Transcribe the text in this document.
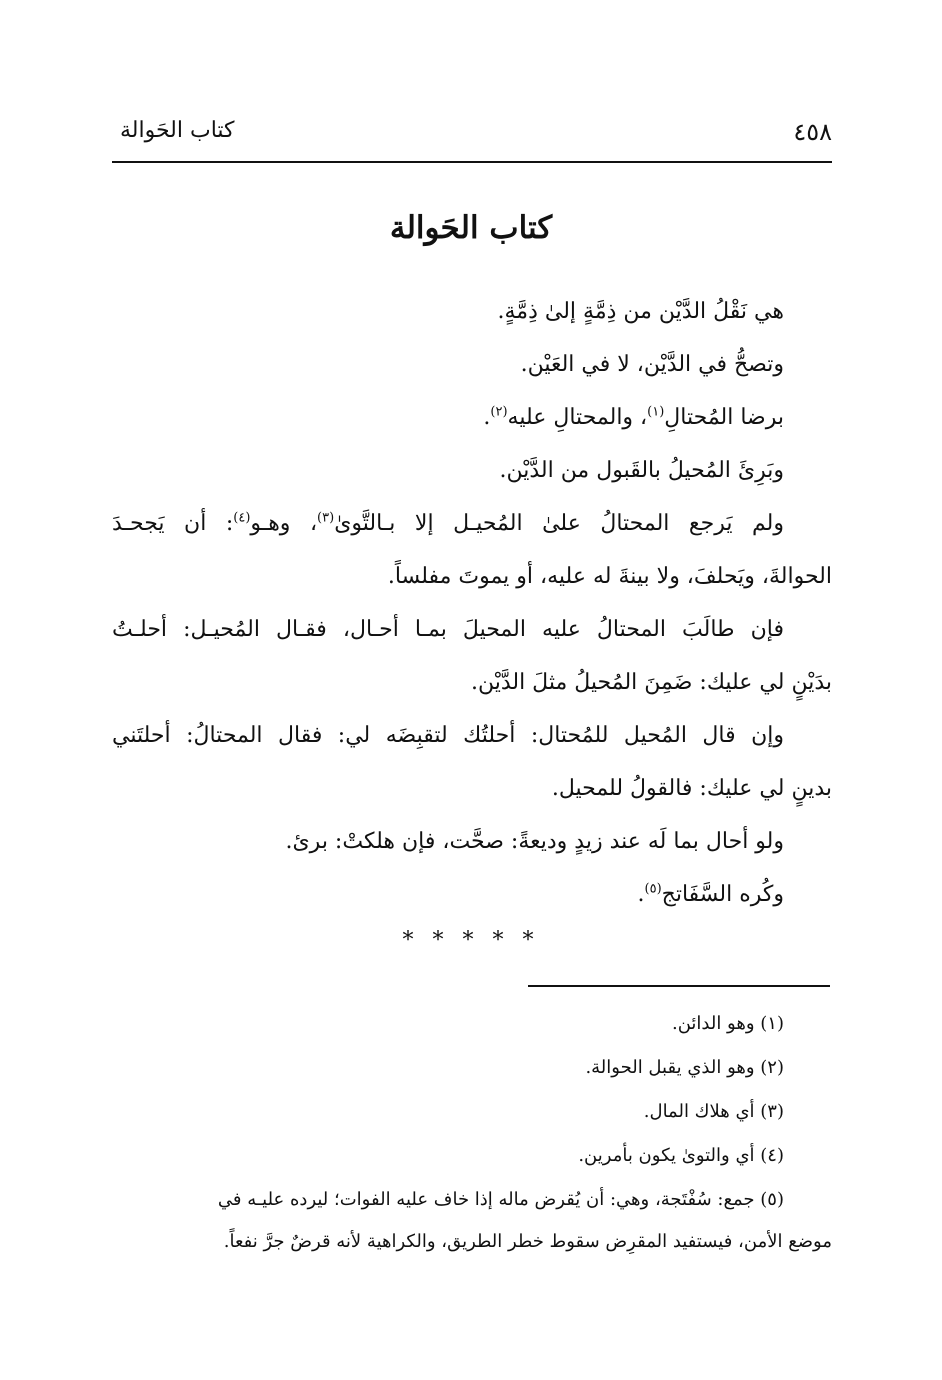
٤٥٨
كتاب الحَوالة
كتاب الحَوالة
هي نَقْلُ الدَّيْن من ذِمَّةٍ إلىٰ ذِمَّةٍ.
وتصحُّ في الدَّيْن، لا في العَيْن.
برضا المُحتالِ$^{(١)}$، والمحتالِ عليه$^{(٢)}$.
وبَرِئَ المُحيلُ بالقَبول من الدَّيْن.
ولم يَرجع المحتالُ علىٰ المُحيـل إلا بـالتَّوىٰ$^{(٣)}$، وهـو$^{(٤)}$: أن يَجحـدَ
الحوالةَ، ويَحلفَ، ولا بينةَ له عليه، أو يموتَ مفلساً.
فإن طالَبَ المحتالُ عليه المحيلَ بمـا أحـال، فقـال المُحيـل: أحلـتُ
بدَيْنٍ لي عليك: ضَمِنَ المُحيلُ مثلَ الدَّيْن.
وإن قال المُحيل للمُحتال: أحلتُك لتقبِضَه لي: فقال المحتالُ: أحلتَني
بدينٍ لي عليك: فالقولُ للمحيل.
ولو أحال بما لَه عند زيدٍ وديعةً: صحَّت، فإن هلكتْ: برئ.
وكُره السَّفَاتج$^{(٥)}$.
* * * * *
(١) وهو الدائن.
(٢) وهو الذي يقبل الحوالة.
(٣) أي هلاك المال.
(٤) أي والتوىٰ يكون بأمرين.
(٥) جمع: سُفْتَجة، وهي: أن يُقرض ماله إذا خاف عليه الفوات؛ ليرده عليـه في
موضع الأمن، فيستفيد المقرِض سقوط خطر الطريق، والكراهية لأنه قرضٌ جرَّ نفعاً.
